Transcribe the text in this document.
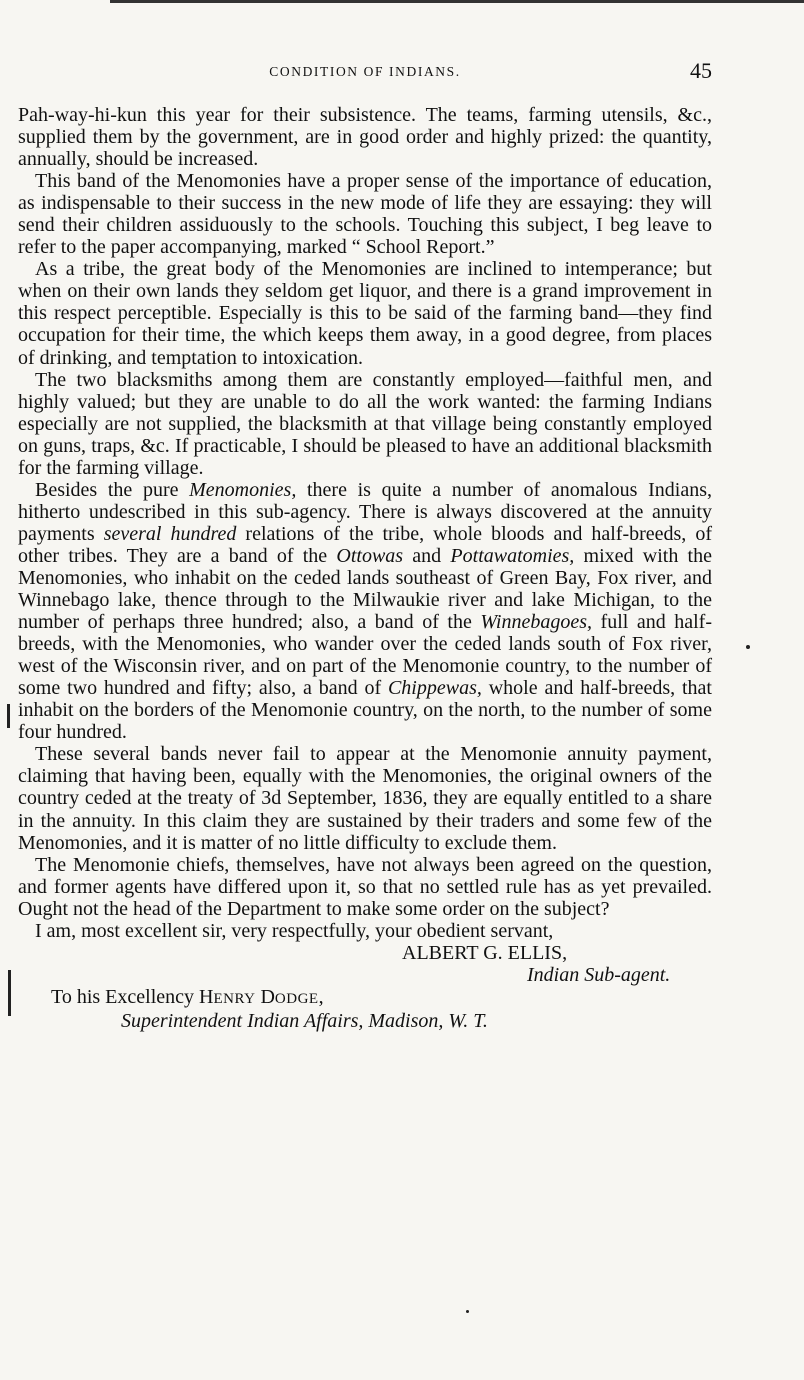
CONDITION OF INDIANS.	45

Pah-way-hi-kun this year for their subsistence. The teams, farming utensils, &c., supplied them by the government, are in good order and highly prized: the quantity, annually, should be increased.

This band of the Menomonies have a proper sense of the importance of education, as indispensable to their success in the new mode of life they are essaying: they will send their children assiduously to the schools. Touching this subject, I beg leave to refer to the paper accompanying, marked “ School Report.”

As a tribe, the great body of the Menomonies are inclined to intemperance; but when on their own lands they seldom get liquor, and there is a grand improvement in this respect perceptible. Especially is this to be said of the farming band—they find occupation for their time, the which keeps them away, in a good degree, from places of drinking, and temptation to intoxication.

The two blacksmiths among them are constantly employed—faithful men, and highly valued; but they are unable to do all the work wanted: the farming Indians especially are not supplied, the blacksmith at that village being constantly employed on guns, traps, &c. If practicable, I should be pleased to have an additional blacksmith for the farming village.

Besides the pure Menomonies, there is quite a number of anomalous Indians, hitherto undescribed in this sub-agency. There is always discovered at the annuity payments several hundred relations of the tribe, whole bloods and half-breeds, of other tribes. They are a band of the Ottowas and Pottawatomies, mixed with the Menomonies, who inhabit on the ceded lands southeast of Green Bay, Fox river, and Winnebago lake, thence through to the Milwaukie river and lake Michigan, to the number of perhaps three hundred; also, a band of the Winnebagoes, full and half-breeds, with the Menomonies, who wander over the ceded lands south of Fox river, west of the Wisconsin river, and on part of the Menomonie country, to the number of some two hundred and fifty; also, a band of Chippewas, whole and half-breeds, that inhabit on the borders of the Menomonie country, on the north, to the number of some four hundred.

These several bands never fail to appear at the Menomonie annuity payment, claiming that having been, equally with the Menomonies, the original owners of the country ceded at the treaty of 3d September, 1836, they are equally entitled to a share in the annuity. In this claim they are sustained by their traders and some few of the Menomonies, and it is matter of no little difficulty to exclude them.

The Menomonie chiefs, themselves, have not always been agreed on the question, and former agents have differed upon it, so that no settled rule has as yet prevailed. Ought not the head of the Department to make some order on the subject?

I am, most excellent sir, very respectfully, your obedient servant,

ALBERT G. ELLIS,

Indian Sub-agent.

To his Excellency HENRY DODGE,

Superintendent Indian Affairs, Madison, W. T.
